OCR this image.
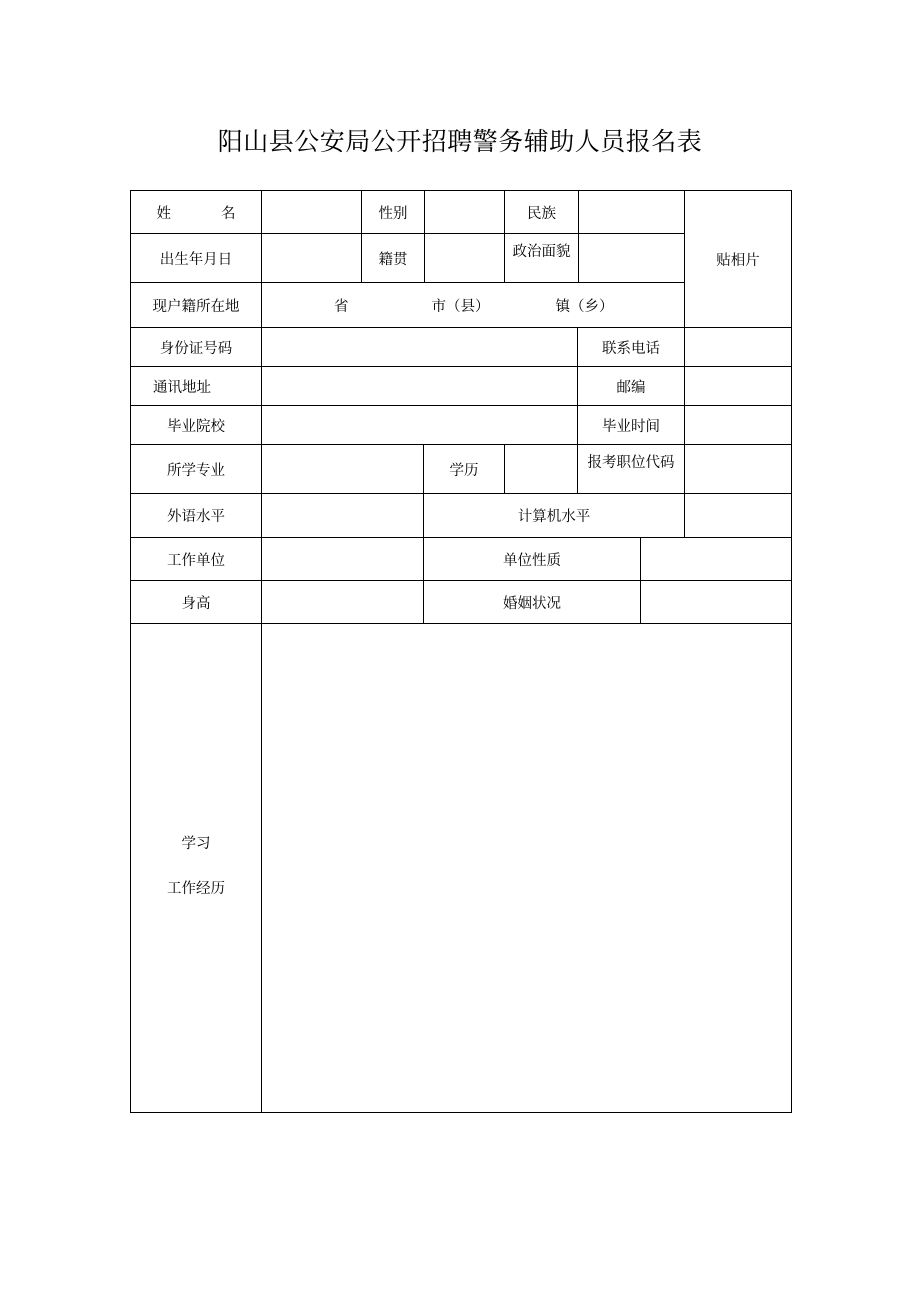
阳山县公安局公开招聘警务辅助人员报名表
姓	名	性别	民族
贴相片
出生年月日	籍贯	政治面貌
现户籍所在地	省	市（县）	镇（乡）
身份证号码	联系电话
通讯地址	邮编
毕业院校	毕业时间
所学专业	学历	报考职位代码
外语水平	计算机水平
工作单位	单位性质
身高	婚姻状况
学习
工作经历
